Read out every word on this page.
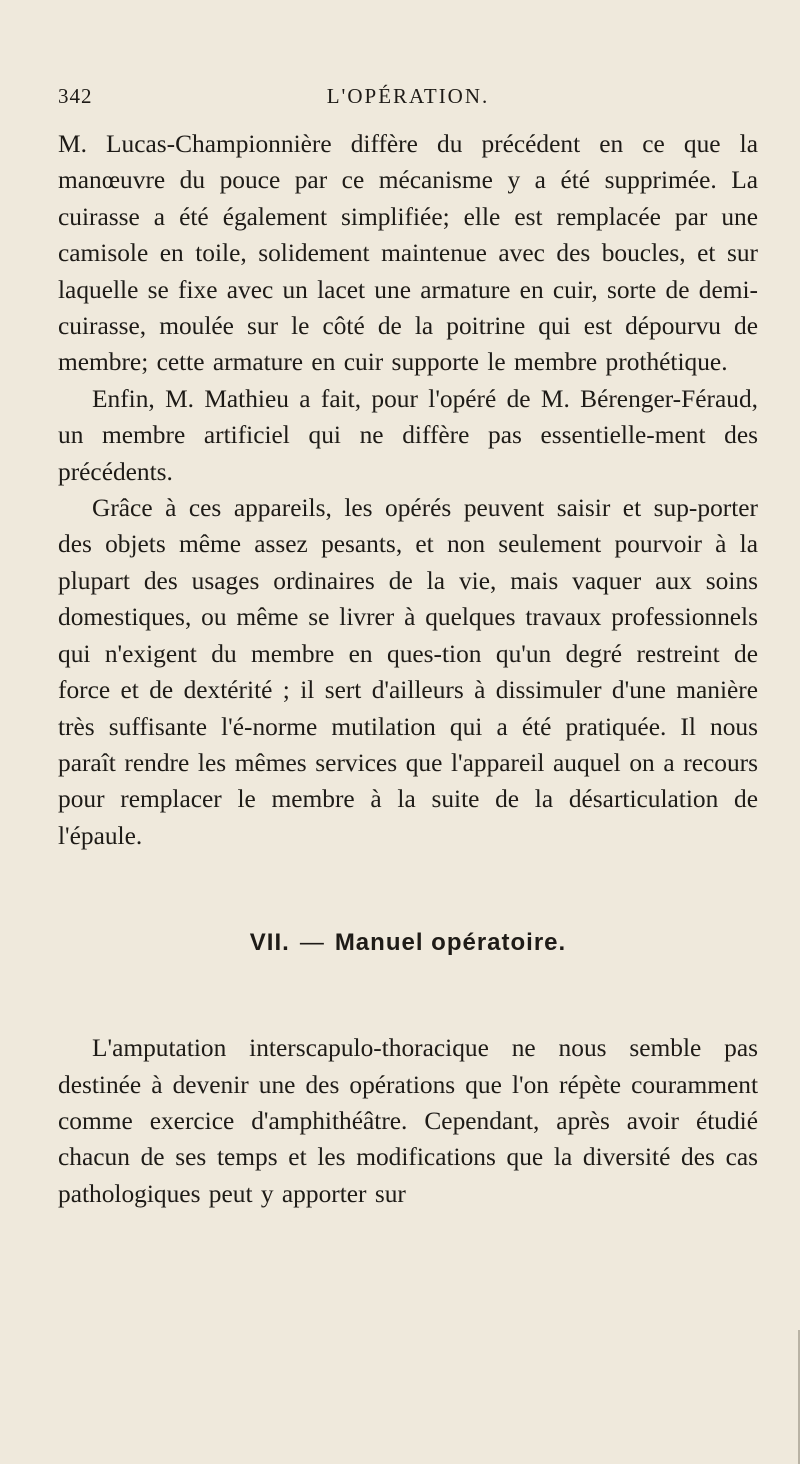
342	L'OPÉRATION.

M. Lucas-Championnière diffère du précédent en ce que la manœuvre du pouce par ce mécanisme y a été supprimée. La cuirasse a été également simplifiée; elle est remplacée par une camisole en toile, solidement maintenue avec des boucles, et sur laquelle se fixe avec un lacet une armature en cuir, sorte de demi-cuirasse, moulée sur le côté de la poitrine qui est dépourvu de membre; cette armature en cuir supporte le membre prothétique.

Enfin, M. Mathieu a fait, pour l'opéré de M. Bérenger-Féraud, un membre artificiel qui ne diffère pas essentielle-ment des précédents.

Grâce à ces appareils, les opérés peuvent saisir et sup-porter des objets même assez pesants, et non seulement pourvoir à la plupart des usages ordinaires de la vie, mais vaquer aux soins domestiques, ou même se livrer à quelques travaux professionnels qui n'exigent du membre en ques-tion qu'un degré restreint de force et de dextérité ; il sert d'ailleurs à dissimuler d'une manière très suffisante l'é-norme mutilation qui a été pratiquée. Il nous paraît rendre les mêmes services que l'appareil auquel on a recours pour remplacer le membre à la suite de la désarticulation de l'épaule.

VII. — Manuel opératoire.

L'amputation interscapulo-thoracique ne nous semble pas destinée à devenir une des opérations que l'on répète couramment comme exercice d'amphithéâtre. Cependant, après avoir étudié chacun de ses temps et les modifications que la diversité des cas pathologiques peut y apporter sur
